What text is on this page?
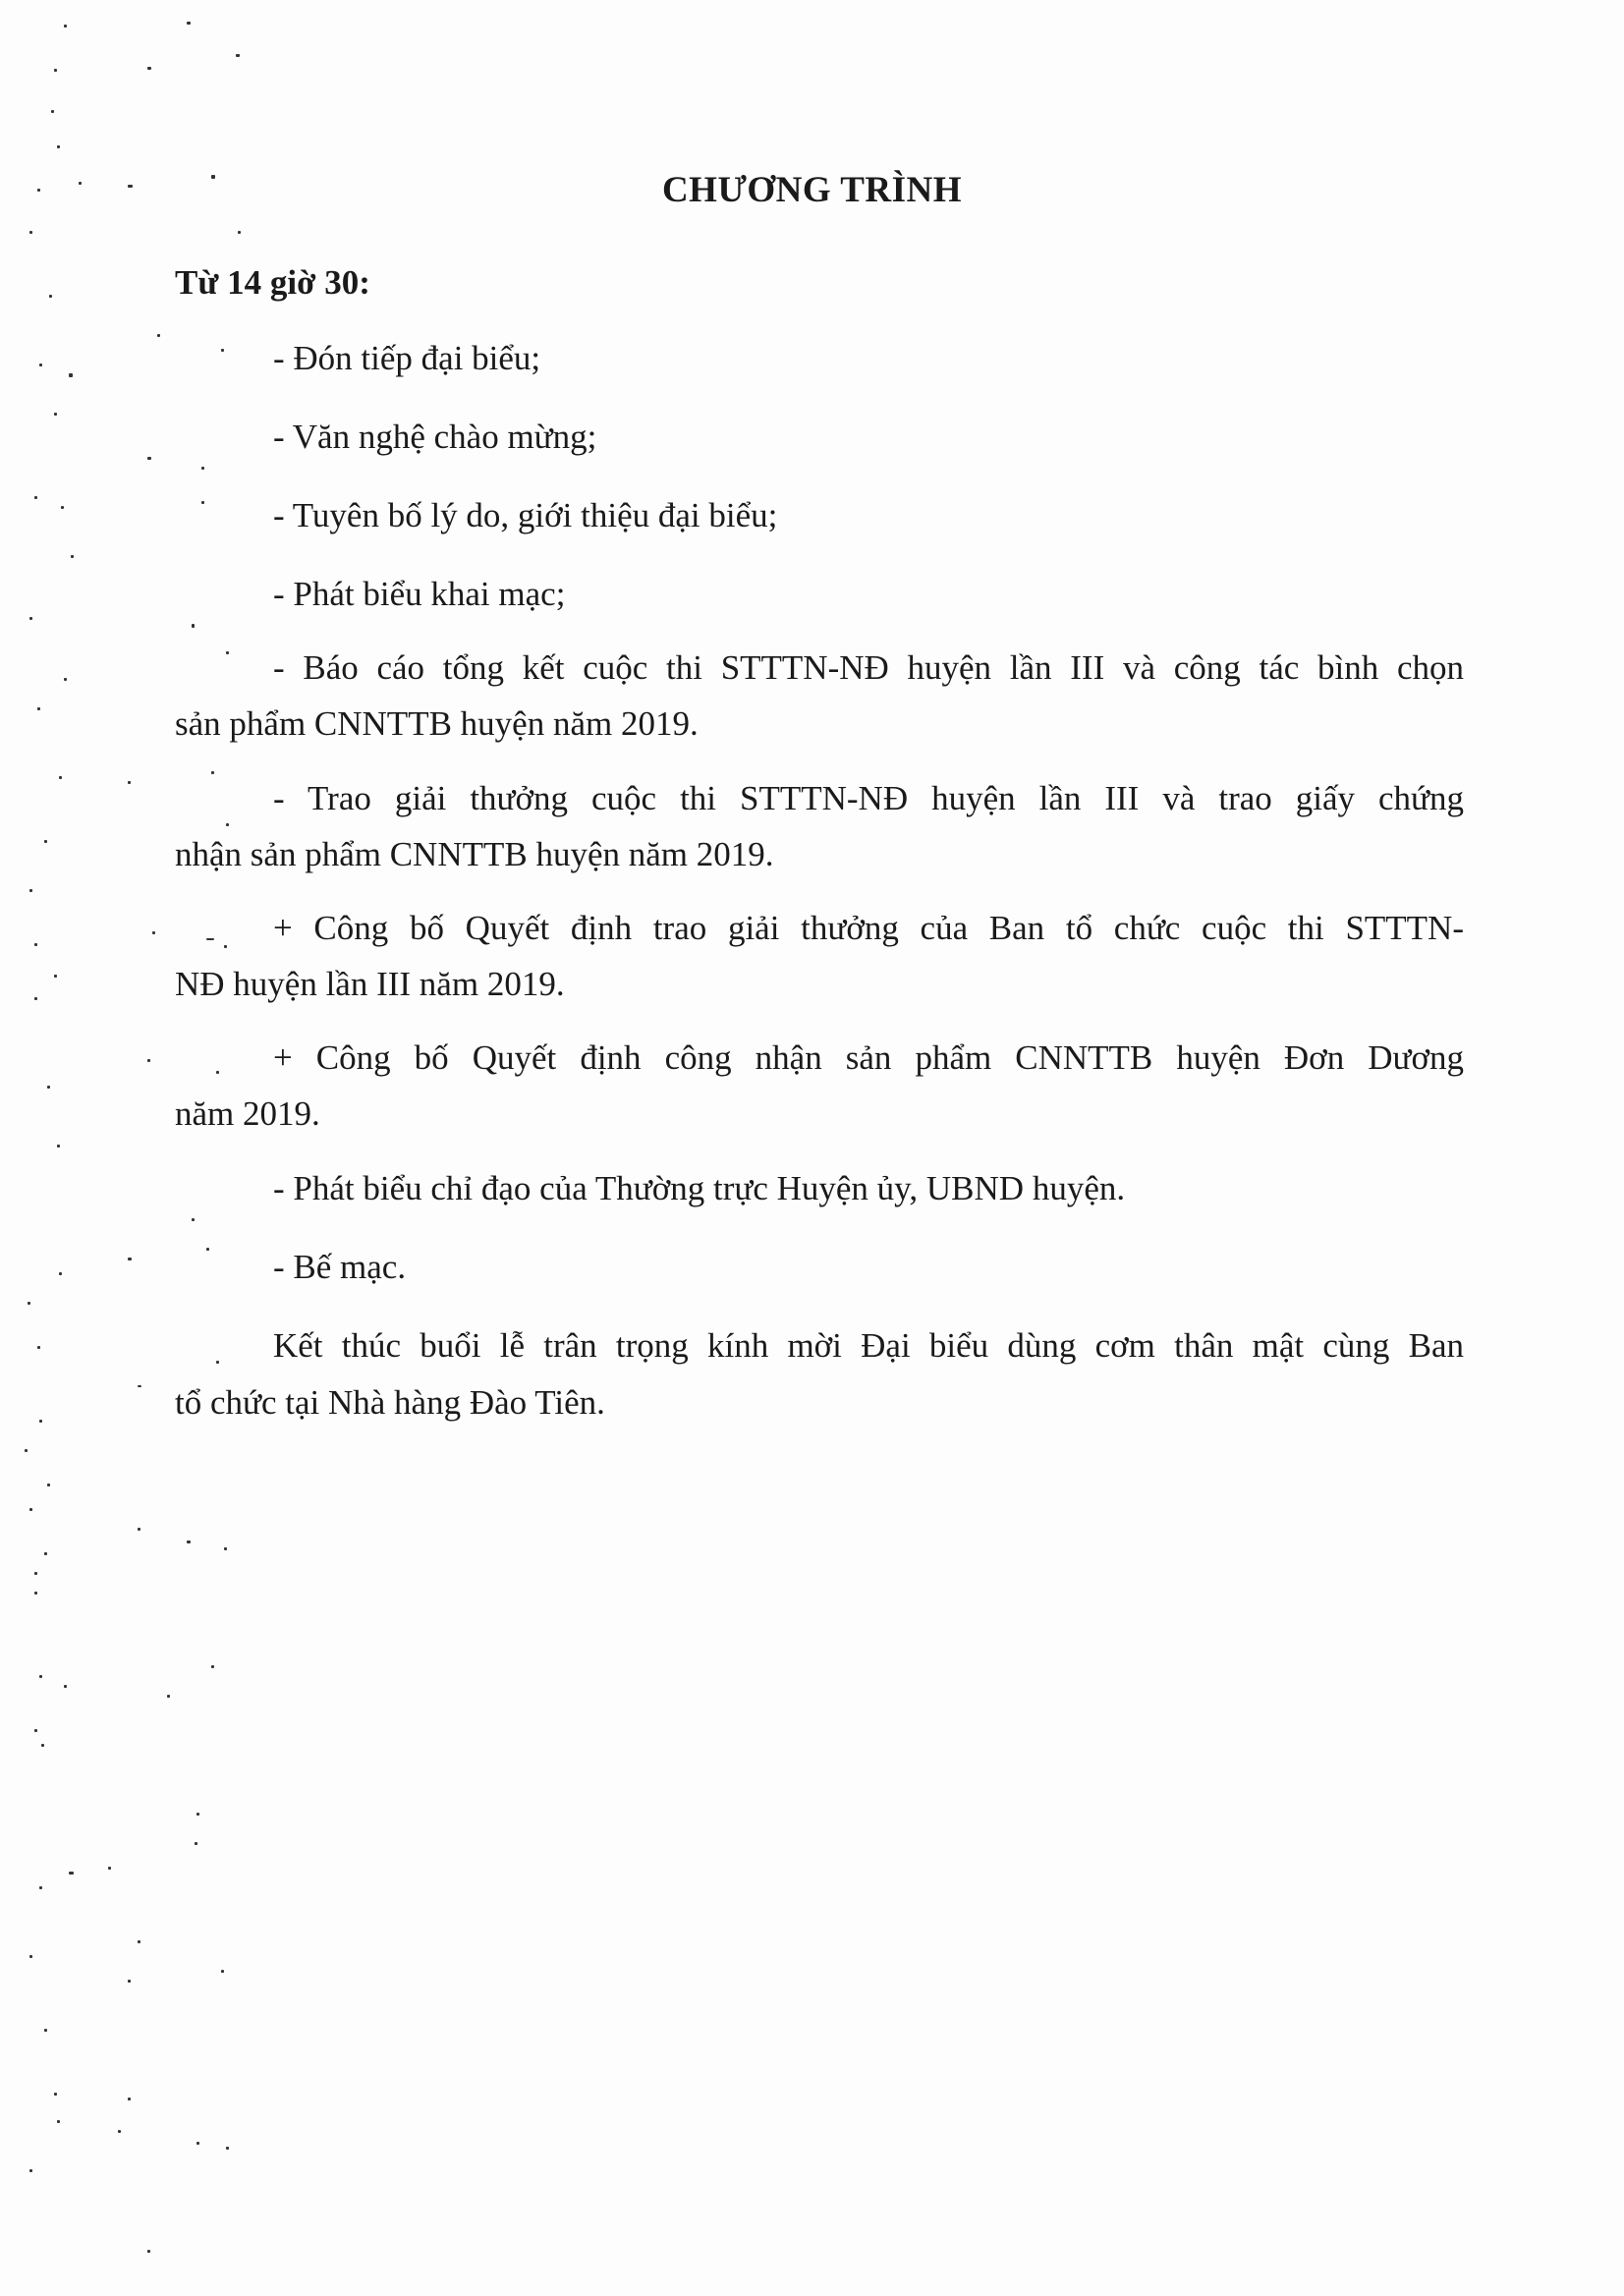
CHƯƠNG TRÌNH
Từ 14 giờ 30:
- Đón tiếp đại biểu;
- Văn nghệ chào mừng;
- Tuyên bố lý do, giới thiệu đại biểu;
- Phát biểu khai mạc;
- Báo cáo tổng kết cuộc thi STTTN-NĐ huyện lần III và công tác bình chọn
sản phẩm CNNTTB huyện năm 2019.
- Trao giải thưởng cuộc thi STTTN-NĐ huyện lần III và trao giấy chứng
nhận sản phẩm CNNTTB huyện năm 2019.
+ Công bố Quyết định trao giải thưởng của Ban tổ chức cuộc thi STTTN-
NĐ huyện lần III năm 2019.
+ Công bố Quyết định công nhận sản phẩm CNNTTB huyện Đơn Dương
năm 2019.
- Phát biểu chỉ đạo của Thường trực Huyện ủy, UBND huyện.
- Bế mạc.
Kết thúc buổi lễ trân trọng kính mời Đại biểu dùng cơm thân mật cùng Ban
tổ chức tại Nhà hàng Đào Tiên.
